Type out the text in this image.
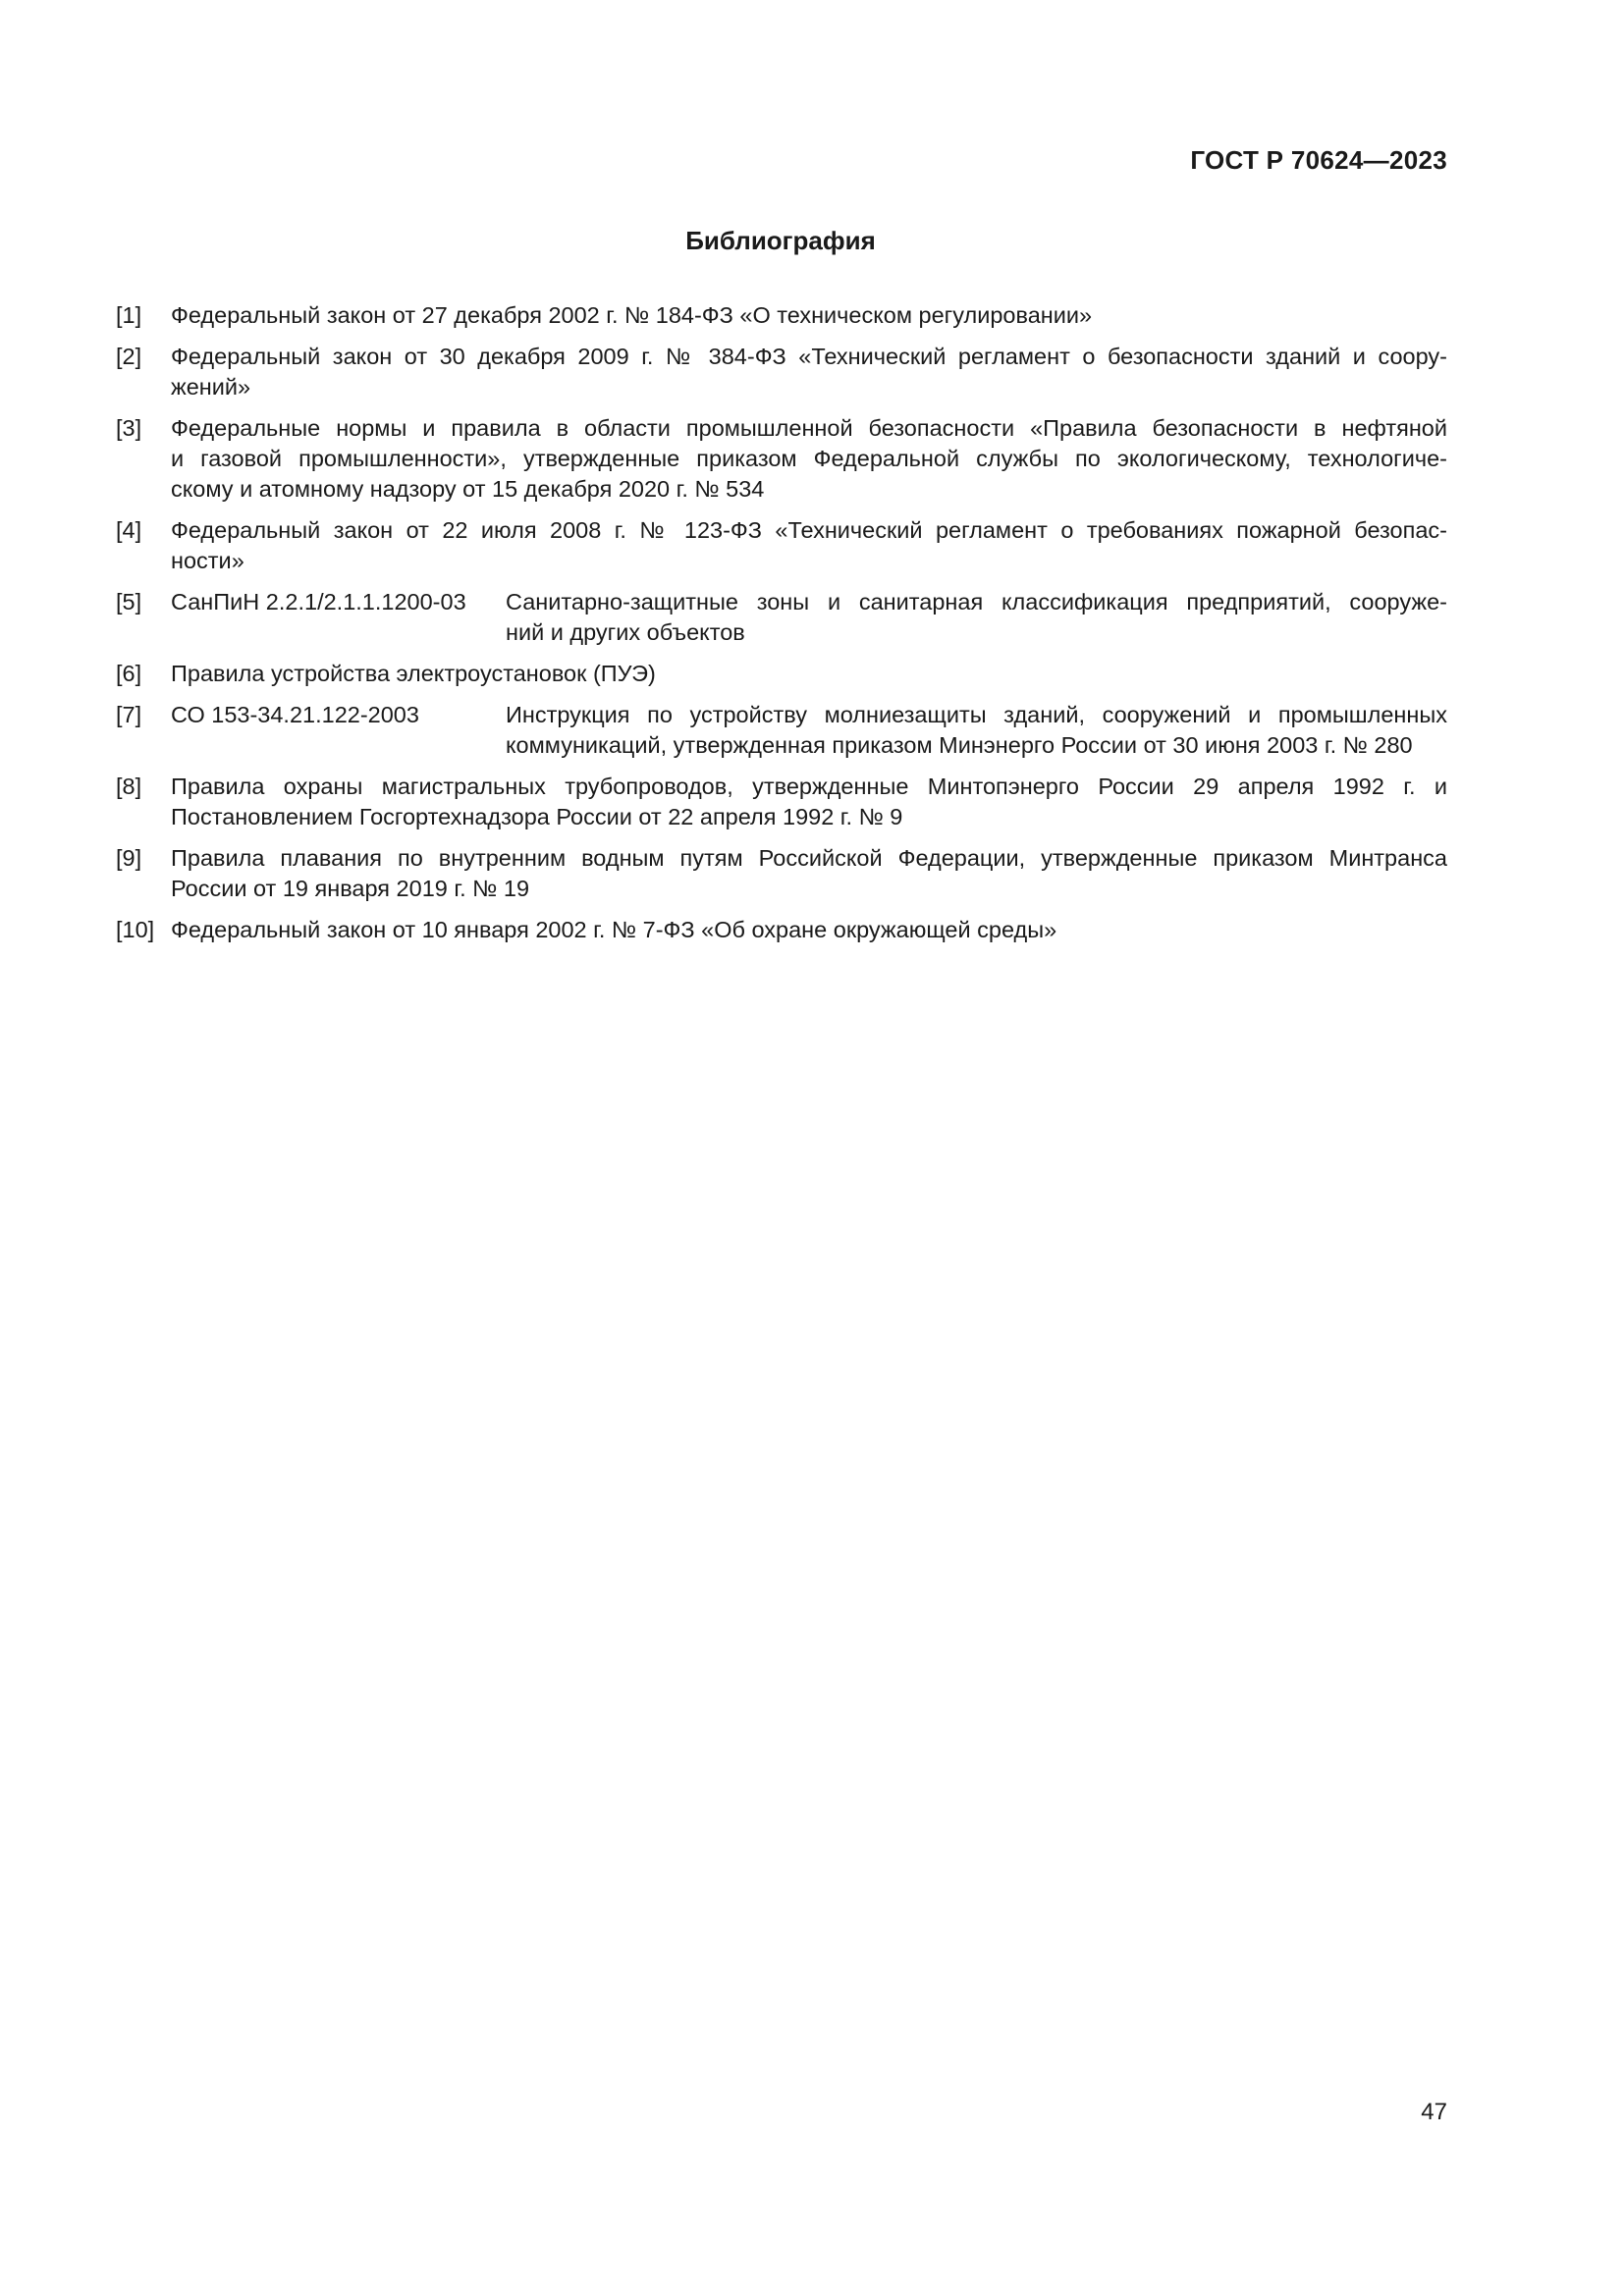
ГОСТ Р 70624—2023
Библиография
[1]	Федеральный закон от 27 декабря 2002 г. № 184-ФЗ «О техническом регулировании»
[2]	Федеральный закон от 30 декабря 2009 г. № 384-ФЗ «Технический регламент о безопасности зданий и соору-
жений»
[3]	Федеральные нормы и правила в области промышленной безопасности «Правила безопасности в нефтяной
и газовой промышленности», утвержденные приказом Федеральной службы по экологическому, технологиче-
скому и атомному надзору от 15 декабря 2020 г. № 534
[4]	Федеральный закон от 22 июля 2008 г. № 123-ФЗ «Технический регламент о требованиях пожарной безопас-
ности»
[5]	СанПиН 2.2.1/2.1.1.1200-03	Санитарно-защитные зоны и санитарная классификация предприятий, сооруже-
ний и других объектов
[6]	Правила устройства электроустановок (ПУЭ)
[7]	СО 153-34.21.122-2003	Инструкция по устройству молниезащиты зданий, сооружений и промышленных
коммуникаций, утвержденная приказом Минэнерго России от 30 июня 2003 г. № 280
[8]	Правила охраны магистральных трубопроводов, утвержденные Минтопэнерго России 29 апреля 1992 г. и
Постановлением Госгортехнадзора России от 22 апреля 1992 г. № 9
[9]	Правила плавания по внутренним водным путям Российской Федерации, утвержденные приказом Минтранса
России от 19 января 2019 г. № 19
[10] Федеральный закон от 10 января 2002 г. № 7-ФЗ «Об охране окружающей среды»
47
